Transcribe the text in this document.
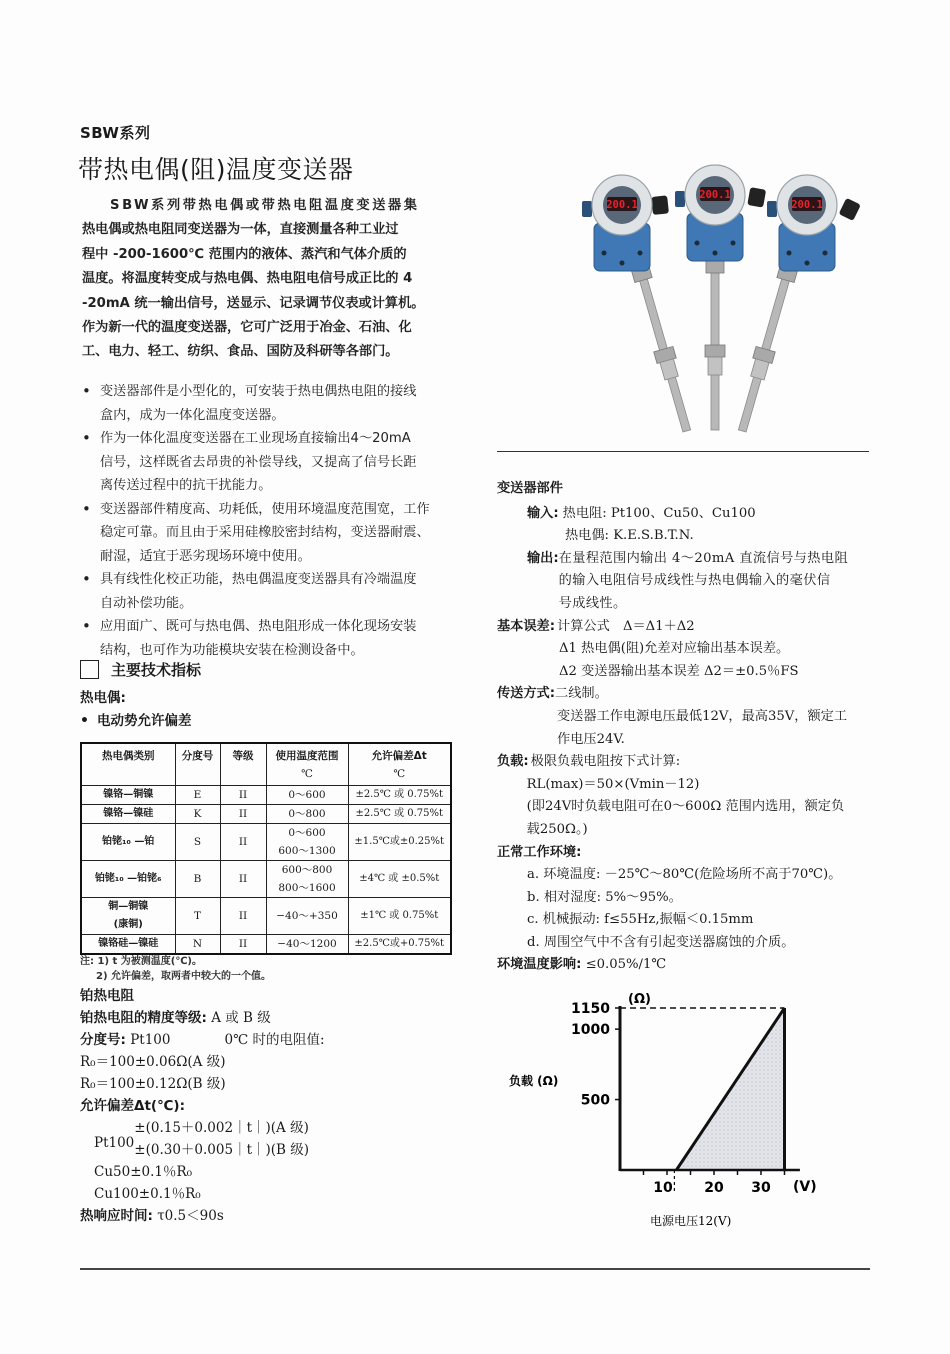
SBW系列
带热电偶(阻)温度变送器
SBW系列带热电偶或带热电阻温度变送器集
热电偶或热电阻同变送器为一体，直接测量各种工业过
程中 -200-1600℃ 范围内的液体、蒸汽和气体介质的
温度。将温度转变成与热电偶、热电阻电信号成正比的 4
-20mA 统一输出信号，送显示、记录调节仪表或计算机。
作为新一代的温度变送器，它可广泛用于冶金、石油、化
工、电力、轻工、纺织、食品、国防及科研等各部门。
200.1
200.1
200.1
• 变送器部件是小型化的，可安装于热电偶热电阻的接线
盒内，成为一体化温度变送器。
• 作为一体化温度变送器在工业现场直接输出4～20mA
信号，这样既省去昂贵的补偿导线，又提高了信号长距
离传送过程中的抗干扰能力。
• 变送器部件精度高、功耗低，使用环境温度范围宽，工作
稳定可靠。而且由于采用硅橡胶密封结构，变送器耐震、
耐湿，适宜于恶劣现场环境中使用。
• 具有线性化校正功能，热电偶温度变送器具有冷端温度
自动补偿功能。
• 应用面广、既可与热电偶、热电阻形成一体化现场安装
结构，也可作为功能模块安装在检测设备中。
主要技术指标
热电偶:
• 电动势允许偏差
热电偶类别	分度号	等级	使用温度范围
℃

允许偏差Δt
℃

镍铬—铜镍	E	II	0～600	±2.5℃ 或 0.75%t

镍铬—镍硅	K	II	0～800	±2.5℃ 或 0.75%t

铂铑₁₀ —铂	S	II	
0～600
600～1300
	±1.5℃或±0.25%t

铂铑₁₀ —铂铑₆	B	II	
600～800
800～1600
	±4℃ 或 ±0.5%t

铜—铜镍
(康铜)
	T	II	−40～+350	±1℃ 或 0.75%t

镍铬硅—镍硅	N	II	−40～1200	±2.5℃或+0.75%t
注: 1) t 为被测温度(℃)。
2) 允许偏差，取两者中较大的一个值。
铂热电阻
铂热电阻的精度等级: A 或 B 级
分度号: Pt100	0℃ 时的电阻值:
R₀＝100±0.06Ω(A 级)
R₀＝100±0.12Ω(B 级)
允许偏差Δt(℃):
Pt100
±(0.15＋0.002｜t｜)(A 级)
±(0.30＋0.005｜t｜)(B 级)
Cu50±0.1％R₀
Cu100±0.1％R₀
热响应时间: τ0.5＜90s
变送器部件
输入: 热电阻: Pt100、Cu50、Cu100
热电偶: K.E.S.B.T.N.
输出: 在量程范围内输出 4～20mA 直流信号与热电阻
的输入电阻信号成线性与热电偶输入的毫伏信
号成线性。
基本误差: 计算公式　Δ＝Δ1＋Δ2
Δ1 热电偶(阻)允差对应输出基本误差。
Δ2 变送器输出基本误差 Δ2＝±0.5％FS
传送方式: 二线制。
变送器工作电源电压最低12V，最高35V，额定工
作电压24V.
负载: 极限负载电阻按下式计算:
RL(max)＝50×(Vmin－12)
(即24V时负载电阻可在0～600Ω 范围内选用，额定负
载250Ω。)
正常工作环境:
a. 环境温度: －25℃～80℃(危险场所不高于70℃)。
b. 相对湿度: 5%～95%。
c. 机械振动: f≤55Hz,振幅＜0.15mm
d. 周围空气中不含有引起变送器腐蚀的介质。
环境温度影响: ≤0.05%/1℃
负载 (Ω)
(Ω)
(V)
电源电压12(V)
10 20 30
1150
1000
500
